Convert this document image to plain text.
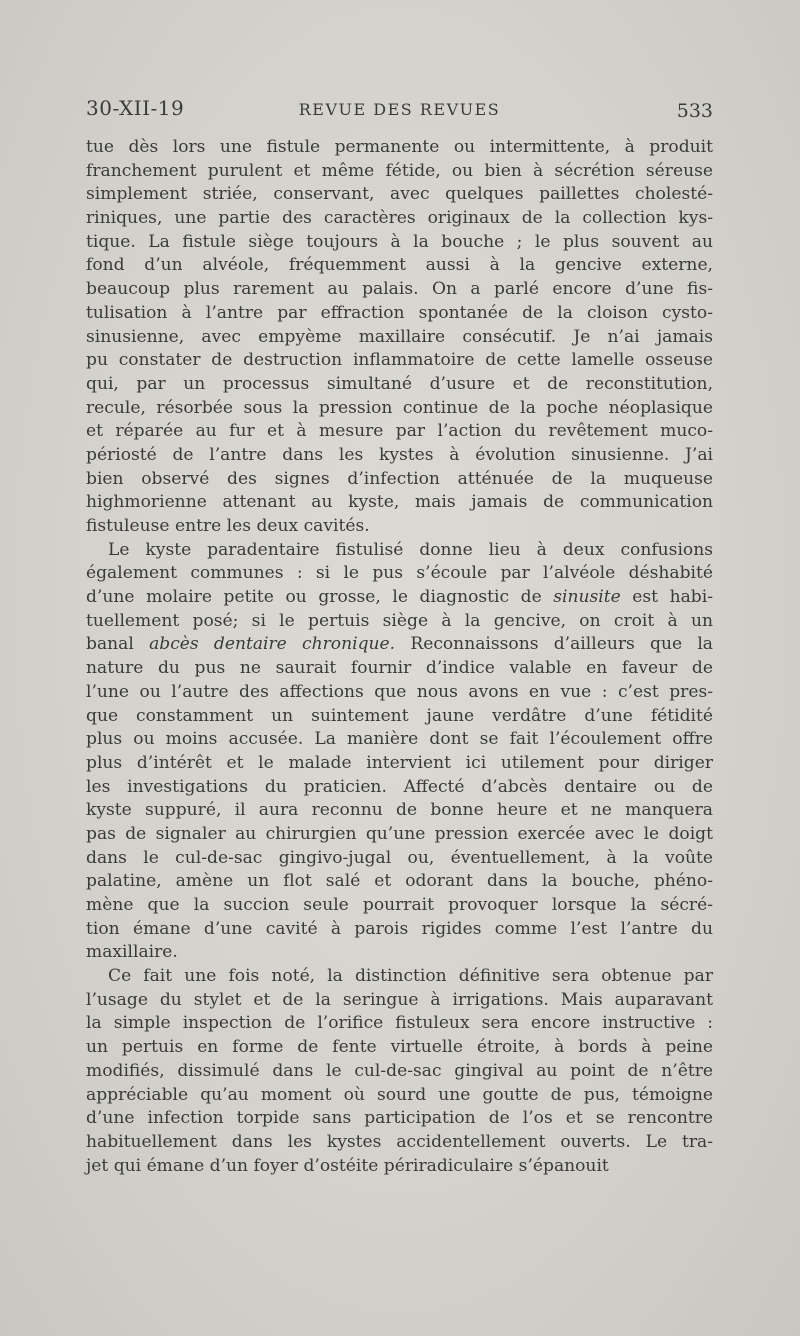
30-XII-19	REVUE DES REVUES	533
tue dès lors une fistule permanente ou intermittente, à produit
franchement purulent et même fétide, ou bien à sécrétion séreuse
simplement striée, conservant, avec quelques paillettes cholesté-
riniques, une partie des caractères originaux de la collection kys-
tique. La fistule siège toujours à la bouche ; le plus souvent au
fond d’un alvéole, fréquemment aussi à la gencive externe,
beaucoup plus rarement au palais. On a parlé encore d’une fis-
tulisation à l’antre par effraction spontanée de la cloison cysto-
sinusienne, avec empyème maxillaire consécutif. Je n’ai jamais
pu constater de destruction inflammatoire de cette lamelle osseuse
qui, par un processus simultané d’usure et de reconstitution,
recule, résorbée sous la pression continue de la poche néoplasique
et réparée au fur et à mesure par l’action du revêtement muco-
périosté de l’antre dans les kystes à évolution sinusienne. J’ai
bien observé des signes d’infection atténuée de la muqueuse
highmorienne attenant au kyste, mais jamais de communication
fistuleuse entre les deux cavités.
Le kyste paradentaire fistulisé donne lieu à deux confusions
également communes : si le pus s’écoule par l’alvéole déshabité
d’une molaire petite ou grosse, le diagnostic de sinusite est habi-
tuellement posé; si le pertuis siège à la gencive, on croit à un
banal abcès dentaire chronique. Reconnaissons d’ailleurs que la
nature du pus ne saurait fournir d’indice valable en faveur de
l’une ou l’autre des affections que nous avons en vue : c’est pres-
que constamment un suintement jaune verdâtre d’une fétidité
plus ou moins accusée. La manière dont se fait l’écoulement offre
plus d’intérêt et le malade intervient ici utilement pour diriger
les investigations du praticien. Affecté d’abcès dentaire ou de
kyste suppuré, il aura reconnu de bonne heure et ne manquera
pas de signaler au chirurgien qu’une pression exercée avec le doigt
dans le cul-de-sac gingivo-jugal ou, éventuellement, à la voûte
palatine, amène un flot salé et odorant dans la bouche, phéno-
mène que la succion seule pourrait provoquer lorsque la sécré-
tion émane d’une cavité à parois rigides comme l’est l’antre du
maxillaire.
Ce fait une fois noté, la distinction définitive sera obtenue par
l’usage du stylet et de la seringue à irrigations. Mais auparavant
la simple inspection de l’orifice fistuleux sera encore instructive :
un pertuis en forme de fente virtuelle étroite, à bords à peine
modifiés, dissimulé dans le cul-de-sac gingival au point de n’être
appréciable qu’au moment où sourd une goutte de pus, témoigne
d’une infection torpide sans participation de l’os et se rencontre
habituellement dans les kystes accidentellement ouverts. Le tra-
jet qui émane d’un foyer d’ostéite périradiculaire s’épanouit
